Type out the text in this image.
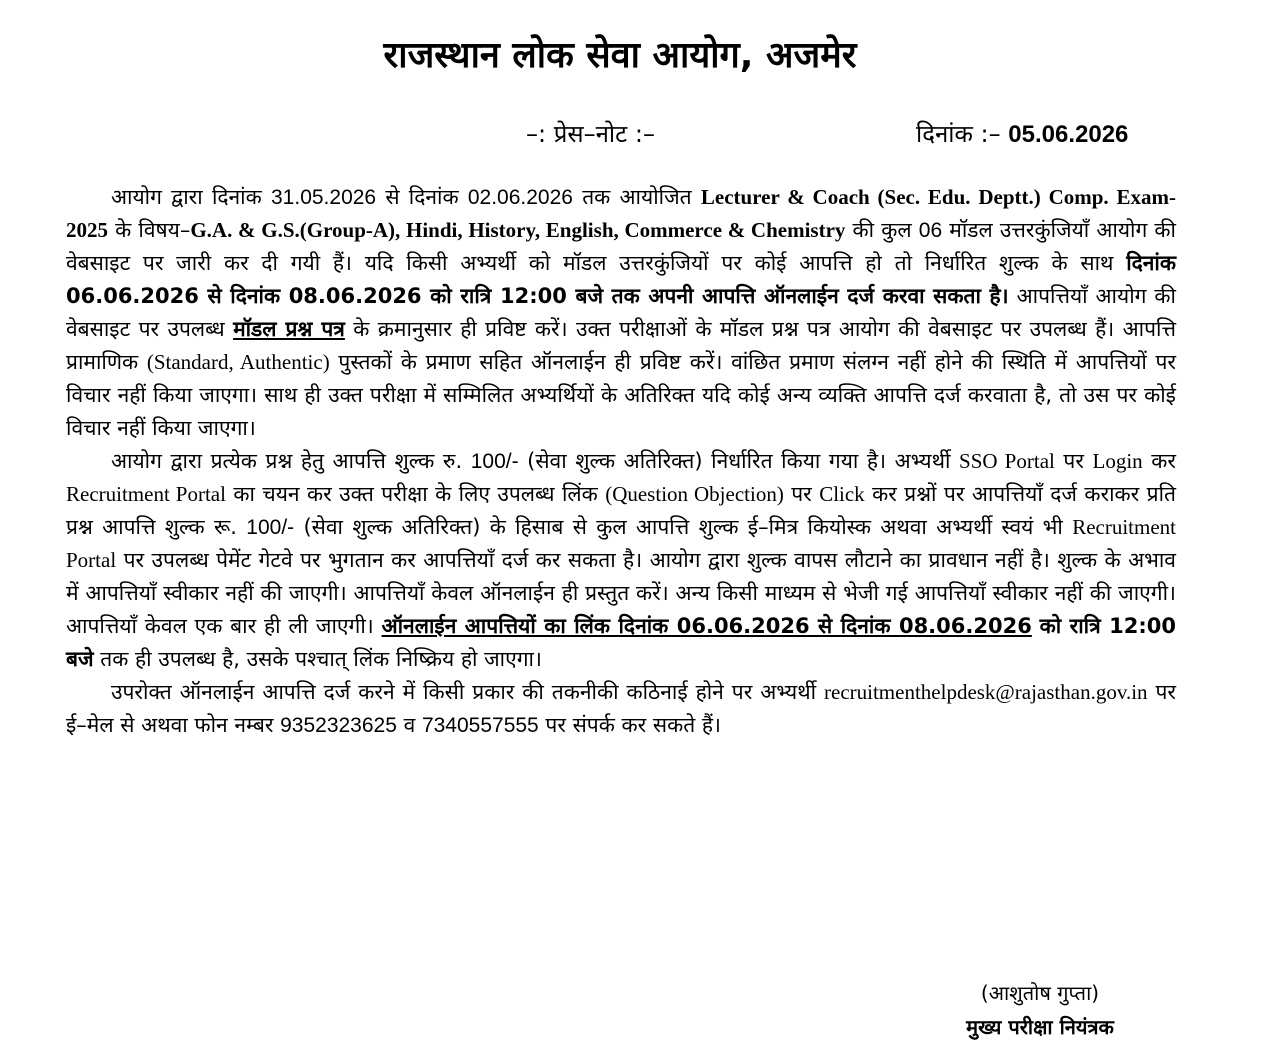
राजस्थान लोक सेवा आयोग, अजमेर
–: प्रेस–नोट :–	दिनांक :– 05.06.2026

आयोग द्वारा दिनांक 31.05.2026 से दिनांक 02.06.2026 तक आयोजित Lecturer & Coach (Sec. Edu. Deptt.) Comp. Exam-2025 के विषय–G.A. & G.S.(Group-A), Hindi, History, English, Commerce & Chemistry की कुल 06 मॉडल उत्तरकुंजियाँ आयोग की वेबसाइट पर जारी कर दी गयी हैं। यदि किसी अभ्यर्थी को मॉडल उत्तरकुंजियों पर कोई आपत्ति हो तो निर्धारित शुल्क के साथ दिनांक 06.06.2026 से दिनांक 08.06.2026 को रात्रि 12:00 बजे तक अपनी आपत्ति ऑनलाईन दर्ज करवा सकता है। आपत्तियाँ आयोग की वेबसाइट पर उपलब्ध मॉडल प्रश्न पत्र के क्रमानुसार ही प्रविष्ट करें। उक्त परीक्षाओं के मॉडल प्रश्न पत्र आयोग की वेबसाइट पर उपलब्ध हैं। आपत्ति प्रामाणिक (Standard, Authentic) पुस्तकों के प्रमाण सहित ऑनलाईन ही प्रविष्ट करें। वांछित प्रमाण संलग्न नहीं होने की स्थिति में आपत्तियों पर विचार नहीं किया जाएगा। साथ ही उक्त परीक्षा में सम्मिलित अभ्यर्थियों के अतिरिक्त यदि कोई अन्य व्यक्ति आपत्ति दर्ज करवाता है, तो उस पर कोई विचार नहीं किया जाएगा।

आयोग द्वारा प्रत्येक प्रश्न हेतु आपत्ति शुल्क रु. 100/- (सेवा शुल्क अतिरिक्त) निर्धारित किया गया है। अभ्यर्थी SSO Portal पर Login कर Recruitment Portal का चयन कर उक्त परीक्षा के लिए उपलब्ध लिंक (Question Objection) पर Click कर प्रश्नों पर आपत्तियाँ दर्ज कराकर प्रति प्रश्न आपत्ति शुल्क रू. 100/- (सेवा शुल्क अतिरिक्त) के हिसाब से कुल आपत्ति शुल्क ई–मित्र कियोस्क अथवा अभ्यर्थी स्वयं भी Recruitment Portal पर उपलब्ध पेमेंट गेटवे पर भुगतान कर आपत्तियाँ दर्ज कर सकता है। आयोग द्वारा शुल्क वापस लौटाने का प्रावधान नहीं है। शुल्क के अभाव में आपत्तियाँ स्वीकार नहीं की जाएगी। आपत्तियाँ केवल ऑनलाईन ही प्रस्तुत करें। अन्य किसी माध्यम से भेजी गई आपत्तियाँ स्वीकार नहीं की जाएगी। आपत्तियाँ केवल एक बार ही ली जाएगी। ऑनलाईन आपत्तियों का लिंक दिनांक 06.06.2026 से दिनांक 08.06.2026 को रात्रि 12:00 बजे तक ही उपलब्ध है, उसके पश्चात् लिंक निष्क्रिय हो जाएगा।

उपरोक्त ऑनलाईन आपत्ति दर्ज करने में किसी प्रकार की तकनीकी कठिनाई होने पर अभ्यर्थी recruitmenthelpdesk@rajasthan.gov.in पर ई–मेल से अथवा फोन नम्बर 9352323625 व 7340557555 पर संपर्क कर सकते हैं।

(आशुतोष गुप्ता)
मुख्य परीक्षा नियंत्रक
